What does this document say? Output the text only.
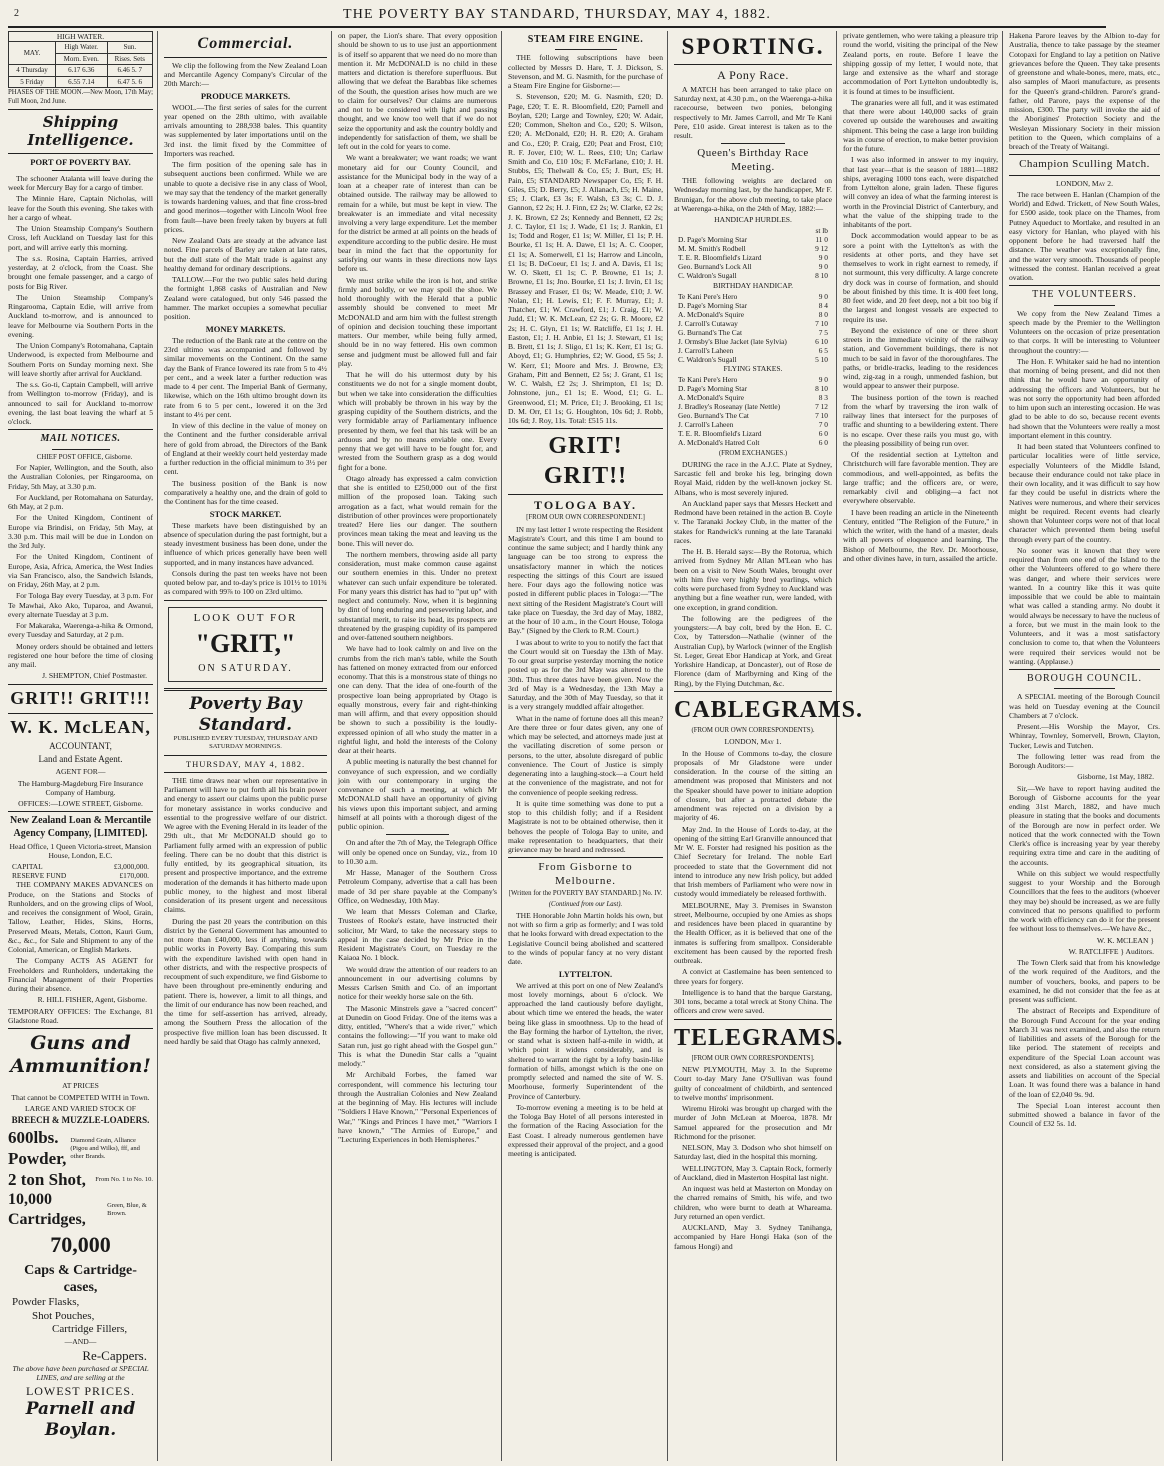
2	THE POVERTY BAY STANDARD, THURSDAY, MAY 4, 1882.
HIGH WATER.
MAY.	High Water.	Sun.
	Morn. Even.	Rises. Sets
4 Thursday	6.17 6.36	6.46 5. 7
5 Friday	6.55 7.14	6.47 5. 6

PHASES OF THE MOON.—New Moon, 17th May; Full Moon, 2nd June.

Shipping Intelligence.
PORT OF POVERTY BAY.

The schooner Atalanta will leave during the week for Mercury Bay for a cargo of timber.

The Minnie Hare, Captain Nicholas, will leave for the South this evening. She takes with her a cargo of wheat.

The Union Steamship Company's Southern Cross, left Auckland on Tuesday last for this port, and will arrive early this morning.

The s.s. Rosina, Captain Harries, arrived yesterday, at 2 o'clock, from the Coast. She brought one female passenger, and a cargo of posts for Big River.

The Union Steamship Company's Ringarooma, Captain Edie, will arrive from Auckland to-morrow, and is announced to leave for Melbourne via Southern Ports in the evening.

The Union Company's Rotomahana, Captain Underwood, is expected from Melbourne and Southern Ports on Sunday morning next. She will leave shortly after arrival for Auckland.

The s.s. Go-ti, Captain Campbell, will arrive from Wellington to-morrow (Friday), and is announced to sail for Auckland to-morrow evening, the last boat leaving the wharf at 5 o'clock.

MAIL NOTICES.

CHIEF POST OFFICE, Gisborne.

For Napier, Wellington, and the South, also the Australian Colonies, per Ringarooma, on Friday, 5th May, at 3.30 p.m.

For Auckland, per Rotomahana on Saturday, 6th May, at 2 p.m.

For the United Kingdom, Continent of Europe via Brindisi, on Friday, 5th May, at 3.30 p.m. This mail will be due in London on the 3rd July.

For the United Kingdom, Continent of Europe, Asia, Africa, America, the West Indies via San Francisco, also, the Sandwich Islands, on Friday, 26th May, at 2 p.m.

For Tologa Bay every Tuesday, at 3 p.m. For Te Mawhai, Ako Ako, Tuparoa, and Awanui, every alternate Tuesday at 3 p.m.

For Makaraka, Waerenga-a-hika & Ormond, every Tuesday and Saturday, at 2 p.m.

Money orders should be obtained and letters registered one hour before the time of closing any mail.

J. SHEMPTON, Chief Postmaster.

GRIT!! GRIT!!!
W. K. McLEAN,

ACCOUNTANT,

Land and Estate Agent.

AGENT FOR—

The Hamburg-Magdeburg Fire Insurance Company of Hamburg.

OFFICES:—LOWE STREET, Gisborne.

New Zealand Loan & Mercantile Agency Company, [LIMITED].

Head Office, 1 Queen Victoria-street, Mansion House, London, E.C.

CAPITAL	£3,000,000.
RESERVE FUND	£170,000.

THE COMPANY MAKES ADVANCES on Produce, on the Stations and Stocks of Runholders, and on the growing clips of Wool, and receives the consignment of Wool, Grain, Tallow, Leather, Hides, Skins, Horns, Preserved Meats, Metals, Cotton, Kauri Gum, &c., &c., for Sale and Shipment to any of the Colonial, American, or English Markets.

The Company ACTS AS AGENT for Freeholders and Runholders, undertaking the Financial Management of their Properties during their absence.

R. HILL FISHER, Agent, Gisborne.

TEMPORARY OFFICES: The Exchange, 81 Gladstone Road.

Guns and Ammunition!

AT PRICES

That cannot be COMPETED WITH in Town.

LARGE AND VARIED STOCK OF

BREECH & MUZZLE-LOADERS.

600lbs. Powder,
Diamond Grain, Alliance (Pigou and Wilks), fff, and other Brands.
2 ton Shot, From No. 1 to No. 10.
10,000 Cartridges,
Green, Blue, & Brown.
70,000
Caps & Cartridge-cases,
Powder Flasks,
Shot Pouches,
Cartridge Fillers,

—AND—

Re-Cappers.

The above have been purchased at SPECIAL LINES, and are selling at the

LOWEST PRICES.
Parnell and Boylan.
Commercial.

We clip the following from the New Zealand Loan and Mercantile Agency Company's Circular of the 20th March:—

PRODUCE MARKETS.

WOOL.—The first series of sales for the current year opened on the 28th ultimo, with available arrivals amounting to 288,938 bales. This quantity was supplemented by later importations until on the 3rd inst. the limit fixed by the Committee of Importers was reached.

The firm position of the opening sale has in subsequent auctions been confirmed. While we are unable to quote a decisive rise in any class of Wool, we may say that the tendency of the market generally is towards hardening values, and that fine cross-bred and good merinos—together with Lincoln Wool free from fault—have been freely taken by buyers at full prices.

New Zealand Oats are steady at the advance last noted. Fine parcels of Barley are taken at late rates, but the dull state of the Malt trade is against any healthy demand for ordinary descriptions.

TALLOW.—For the two public sales held during the fortnight 1,868 casks of Australian and New Zealand were catalogued, but only 546 passed the hammer. The market occupies a somewhat peculiar position.

MONEY MARKETS.

The reduction of the Bank rate at the centre on the 23rd ultimo was accompanied and followed by similar movements on the Continent. On the same day the Bank of France lowered its rate from 5 to 4½ per cent., and a week later a further reduction was made to 4 per cent. The Imperial Bank of Germany, likewise, which on the 16th ultimo brought down its rate from 6 to 5 per cent., lowered it on the 3rd instant to 4½ per cent.

In view of this decline in the value of money on the Continent and the further considerable arrival here of gold from abroad, the Directors of the Bank of England at their weekly court held yesterday made a further reduction in the official minimum to 3½ per cent.

The business position of the Bank is now comparatively a healthy one, and the drain of gold to the Continent has for the time ceased.

STOCK MARKET.

These markets have been distinguished by an absence of speculation during the past fortnight, but a steady investment business has been done, under the influence of which prices generally have been well supported, and in many instances have advanced.

Consols during the past ten weeks have not been quoted below par, and to-day's price is 101½ to 101¾ as compared with 99⅞ to 100 on 23rd ultimo.

LOOK OUT FOR

"GRIT,"

ON SATURDAY.

Poverty Bay Standard.

PUBLISHED EVERY TUESDAY, THURSDAY AND SATURDAY MORNINGS.

THURSDAY, MAY 4, 1882.

THE time draws near when our representative in Parliament will have to put forth all his brain power and energy to assert our claims upon the public purse for monetary assistance in works conducive and essential to the progressive welfare of our district. We agree with the Evening Herald in its leader of the 29th ult., that Mr McDONALD should go to Parliament fully armed with an expression of public feeling. There can be no doubt that this district is fully entitled, by its geographical situation, its present and prospective importance, and the extreme moderation of the demands it has hitherto made upon public money, to the highest and most liberal consideration of its present urgent and necessitous claims.

During the past 20 years the contribution on this district by the General Government has amounted to not more than £40,000, less if anything, towards public works in Poverty Bay. Comparing this sum with the expenditure lavished with open hand in other districts, and with the respective prospects of recoupment of such expenditure, we find Gisborne to have been throughout pre-eminently enduring and patient. There is, however, a limit to all things, and the limit of our endurance has now been reached, and the time for self-assertion has arrived, already, among the Southern Press the allocation of the prospective five million loan has been discussed. It need hardly be said that Otago has calmly annexed,

on paper, the Lion's share. That every opposition should be shown to us to use just an apportionment is of itself so apparent that we need do no more than mention it. Mr McDONALD is no child in these matters and dictation is therefore superfluous. But allowing that we defeat the Barabbas like schemes of the South, the question arises how much are we to claim for ourselves? Our claims are numerous and not to be considered with light and passing thought, and we know too well that if we do not seize the opportunity and ask the country boldly and independently for satisfaction of them, we shall be left out in the cold for years to come.

We want a breakwater; we want roads; we want monetary aid for our County Council, and assistance for the Municipal body in the way of a loan at a cheaper rate of interest than can be obtained outside. The railway may be allowed to remain for a while, but must be kept in view. The breakwater is an immediate and vital necessity involving a very large expenditure. Let the member for the district be armed at all points on the heads of expenditure according to the public desire. He must bear in mind the fact that the opportunity for satisfying our wants in these directions now lays before us.

We must strike while the iron is hot, and strike firmly and boldly, or we may spoil the shoe. We hold thoroughly with the Herald that a public assembly should be convened to meet Mr McDONALD and arm him with the fullest strength of opinion and decision touching these important matters. Our member, while being fully armed, should be in no way fettered. His own common sense and judgment must be allowed full and fair play.

That he will do his uttermost duty by his constituents we do not for a single moment doubt, but when we take into consideration the difficulties which will probably be thrown in his way by the grasping cupidity of the Southern districts, and the very formidable array of Parliamentary influence presented by them, we feel that his task will be an arduous and by no means enviable one. Every penny that we get will have to be fought for, and wrested from the Southern grasp as a dog would fight for a bone.

Otago already has expressed a calm conviction that she is entitled to £250,000 out of the first million of the proposed loan. Taking such arrogation as a fact, what would remain for the distribution of other provinces were proportionately treated? Here lies our danger. The southern provinces mean taking the meat and leaving us the bone. This will never do.

The northern members, throwing aside all party consideration, must make common cause against our southern enemies in this. Under no pretext whatever can such unfair expenditure be tolerated. For many years this district has had to "put up" with neglect and contumely. Now, when it is beginning by dint of long enduring and persevering labor, and substantial merit, to raise its head, its prospects are threatened by the grasping cupidity of its pampered and over-fattened southern neighbors.

We have had to look calmly on and live on the crumbs from the rich man's table, while the South has fattened on money extracted from our enforced economy. That this is a monstrous state of things no one can deny. That the idea of one-fourth of the prospective loan being appropriated by Otago is equally monstrous, every fair and right-thinking man will affirm, and that every opposition should be shown to such a possibility is the loudly-expressed opinion of all who study the matter in a rightful light, and hold the interests of the Colony dear at their hearts.

A public meeting is naturally the best channel for conveyance of such expression, and we cordially join with our contemporary in urging the convenance of such a meeting, at which Mr McDONALD shall have an opportunity of giving his views upon this important subject, and arming himself at all points with a thorough digest of the public opinion.

On and after the 7th of May, the Telegraph Office will only be opened once on Sunday, viz., from 10 to 10.30 a.m.

Mr Hasse, Manager of the Southern Cross Petroleum Company, advertise that a call has been made of 3d per share payable at the Company's Office, on Wednesday, 10th May.

We learn that Messrs Coleman and Clarke, Trustees of Rooke's estate, have instructed their solicitor, Mr Ward, to take the necessary steps to appeal in the case decided by Mr Price in the Resident Magistrate's Court, on Tuesday re the Kaiaoa No. 1 block.

We would draw the attention of our readers to an announcement in our advertising columns by Messrs Carlsen Smith and Co. of an important notice for their weekly horse sale on the 6th.

The Masonic Minstrels gave a "sacred concert" at Dunedin on Good Friday. One of the items was a ditty, entitled, "Where's that a wide river," which contains the following:—"If you want to make old Satan run, just go right ahead with the Gospel gun." This is what the Dunedin Star calls a "quaint melody."

Mr Archibald Forbes, the famed war correspondent, will commence his lecturing tour through the Australian Colonies and New Zealand at the beginning of May. His lectures will include "Soldiers I Have Known," "Personal Experiences of War," "Kings and Princes I have met," "Warriors I have known," "The Armies of Europe," and "Lecturing Experiences in both Hemispheres."

STEAM FIRE ENGINE.

THE following subscriptions have been collected by Messrs D. Hare, T. J. Dickson, S. Stevenson, and M. G. Nasmith, for the purchase of a Steam Fire Engine for Gisborne:—

S. Stevenson, £20; M. G. Nasmith, £20; D. Page, £20; T. E. R. Bloomfield, £20; Parnell and Boylan, £20; Large and Townley, £20; W. Adair, £20; Common, Shelton and Co., £20; S. Wilson, £20; A. McDonald, £20; H. R. £20; A. Graham and Co., £20; P. Craig, £20; Peat and Frost, £10; R. F. Jover, £10; W. L. Rees, £10; Un; Carlaw Smith and Co, £10 10s; F. McFarlane, £10; J. H. Stubbs, £5; Thelwall & Co, £5; J. Burt, £5; H. Pain, £5; STANDARD Newspaper Co, £5; F. H. Giles, £5; D. Berry, £5; J. Allanach, £5; H. Maine, £5; J. Clark, £3 3s; F. Walsh, £3 3s; C. D. J. Gannon, £2 2s; H. J. Finn, £2 2s; W. Clarke, £2 2s; J. K. Brown, £2 2s; Kennedy and Bennett, £2 2s; J. C. Taylor, £1 1s; J. Wade, £1 1s; J. Rankin, £1 1s; Todd and Roger, £1 1s; W. Miller, £1 1s; P. H. Bourke, £1 1s; H. A. Dawe, £1 1s; A. C. Cooper, £1 1s; A. Somerwell, £1 1s; Harrow and Lincoln, £1 1s; B. DeCoeur, £1 1s; J. and A. Davis, £1 1s; W. O. Skett, £1 1s; C. P. Browne, £1 1s; J. Browne, £1 1s; Jno. Bourke, £1 1s; J. Irvin, £1 1s; Brassey and Fraser, £1 0s; W. Meade, £10; J. W. Nolan, £1; H. Lewis, £1; F. F. Murray, £1; J. Thatcher, £1; W. Crawford, £1; J. Craig, £1; W. Judd, £1; W. K. McLean, £2 2s; G. R. Moore, £2 2s; H. C. Glyn, £1 1s; W. Ratcliffe, £1 1s; J. H. Easton, £1; J. H. Anbie, £1 1s; J. Stewart, £1 1s; B. Brett, £1 1s; J. Sligo, £1 1s; K. Kerr, £1 1s; G. Aboyd, £1; G. Humphries, £2; W. Good, £5 5s; J. W. Kerr, £1; Moore and Mrs. J. Browne, £3; Graham, Pitt and Bennett, £2 5s; J. Grant, £1 1s; W. C. Walsh, £2 2s; J. Shrimpton, £1 1s; D. Johnstone, jun., £1 1s; E. Wood, £1; G. L. Greenwood, £1; M. Price, £1; J. Brooking, £1 1s; D. M. Orr, £1 1s; G. Houghton, 10s 6d; J. Robb, 10s 6d; J. Roy, 11s. Total: £515 11s.

GRIT! GRIT!!
TOLOGA BAY.

[FROM OUR OWN CORRESPONDENT.]

IN my last letter I wrote respecting the Resident Magistrate's Court, and this time I am bound to continue the same subject; and I hardly think any language can be too strong to express the unsatisfactory manner in which the notices respecting the sittings of this Court are issued here. Four days ago the following notice was posted in different public places in Tologa:—"The next sitting of the Resident Magistrate's Court will take place on Tuesday, the 3rd day of May, 1882, at the hour of 10 a.m., in the Court House, Tologa Bay." (Signed by the Clerk to R.M. Court.)

I was about to write to you to notify the fact that the Court would sit on Tuesday the 13th of May. To our great surprise yesterday morning the notice posted up as for the 3rd May was altered to the 30th. Thus three dates have been given. Now the 3rd of May is a Wednesday, the 13th May a Saturday, and the 30th of May Tuesday, so that it is a very strangely muddled affair altogether.

What in the name of fortune does all this mean? Are there three or four dates given, any one of which may be selected, and attorneys made just at the vacillating discretion of some person or persons, to the utter, absolute disregard of public convenience. The Court of Justice is simply degenerating into a laughing-stock—a Court held at the convenience of the magistrate, and not for the convenience of people seeking redress.

It is quite time something was done to put a stop to this childish folly; and if a Resident Magistrate is not to be obtained otherwise, then it behoves the people of Tologa Bay to unite, and make representation to headquarters, that their grievance may be heard and redressed.

From Gisborne to Melbourne.

[Written for the POVERTY BAY STANDARD.] No. IV.

(Continued from our Last).

THE Honorable John Martin holds his own, but not with so firm a grip as formerly; and I was told that he looks forward with dread expectation to the Legislative Council being abolished and scattered to the winds of popular fancy at no very distant date.

LYTTELTON.

We arrived at this port on one of New Zealand's most lovely mornings, about 6 o'clock. We approached the land cautiously before daylight, about which time we entered the heads, the water being like glass in smoothness. Up to the head of the Bay forming the harbor of Lyttelton, the river, or stand what is sixteen half-a-mile in width, at which point it widens considerably, and is sheltered to warrant the right by a lofty basin-like formation of hills, amongst which is the one on promptly selected and named the site of W. S. Moorhouse, formerly Superintendent of the Province of Canterbury.

To-morrow evening a meeting is to be held at the Tologa Bay Hotel of all persons interested in the formation of the Racing Association for the East Coast. I already numerous gentlemen have expressed their approval of the project, and a good meeting is anticipated.

SPORTING.
A Pony Race.

A MATCH has been arranged to take place on Saturday next, at 4.30 p.m., on the Waerenga-a-hika racecourse, between two ponies, belonging respectively to Mr. James Carroll, and Mr Te Kani Pere, £10 aside. Great interest is taken as to the result.

Queen's Birthday Race Meeting.

THE following weights are declared on Wednesday morning last, by the handicapper, Mr F. Brunigan, for the above club meeting, to take place at Waerenga-a-hika, on the 24th of May, 1882:—

HANDICAP HURDLES.

st lb
D. Page's Morning Star	11 0
M. M. Smith's Rodbell	9 12
T. E. R. Bloomfield's Lizard	9 0
Geo. Burnand's Lock All	9 0
C. Waldron's Sugall	8 10

BIRTHDAY HANDICAP.

Te Kani Pere's Hero	9 0
D. Page's Morning Star	8 4
A. McDonald's Squire	8 0
J. Carroll's Cutaway	7 10
G. Burnand's The Cat	7 5
J. Ormsby's Blue Jacket (late Sylvia)	6 10
J. Carroll's Laheen	6 5
C. Waldron's Sugall	5 10

FLYING STAKES.

Te Kani Pere's Hero	9 0
D. Page's Morning Star	8 10
A. McDonald's Squire	8 3
J. Bradley's Roseanay (late Nettle)	7 12
Geo. Burnand's The Cat	7 10
J. Carroll's Laheen	7 0
T. E. R. Bloomfield's Lizard	6 0
A. McDonald's Hatred Colt	6 0

(FROM EXCHANGES.)

DURING the race in the A.J.C. Plate at Sydney, Sarcastic fell and broke his leg, bringing down Royal Maid, ridden by the well-known jockey St. Albans, who is most severely injured.

An Auckland paper says that Messrs Heckett and Redmond have been retained in the action B. Coyle v. The Taranaki Jockey Club, in the matter of the stakes for Randwick's running at the late Taranaki races.

The H. B. Herald says:—By the Rotorua, which arrived from Sydney Mr Allan M'Lean who has been on a visit to New South Wales, brought over with him five very highly bred yearlings, which colts were purchased from Sydney to Auckland was anything but a fine weather run, were landed, with one exception, in grand condition.

The following are the pedigrees of the youngsters:—A bay colt, bred by the Hon. E. C. Cox, by Tattersdon—Nathalie (winner of the Australian Cup), by Warlock (winner of the English St. Leger, Great Ebor Handicap at York, and Great Yorkshire Handicap, at Doncaster), out of Rose de Florence (dam of Marlbyrning and King of the Ring), by the Flying Dutchman, &c.

CABLEGRAMS.

(FROM OUR OWN CORRESPONDENTS).

LONDON, May 1.

In the House of Commons to-day, the closure proposals of Mr Gladstone were under consideration. In the course of the sitting an amendment was proposed that Ministers and not the Speaker should have power to initiate adoption of closure, but after a protracted debate the amendment was rejected on a division by a majority of 46.

May 2nd. In the House of Lords to-day, at the opening of the sitting Earl Granville announced that Mr W. E. Forster had resigned his position as the Chief Secretary for Ireland. The noble Earl proceeded to state that the Government did not intend to introduce any new Irish policy, but added that Irish members of Parliament who were now in custody would immediately be released forthwith.

MELBOURNE, May 3. Premises in Swanston street, Melbourne, occupied by one Amies as shops and residences have been placed in quarantine by the Health Officer, as it is believed that one of the inmates is suffering from smallpox. Considerable excitement has been caused by the reported fresh outbreak.

A convict at Castlemaine has been sentenced to three years for forgery.

Intelligence is to hand that the barque Garstang, 301 tons, became a total wreck at Stony China. The officers and crew were saved.

TELEGRAMS.

[FROM OUR OWN CORRESPONDENTS].

NEW PLYMOUTH, May 3. In the Supreme Court to-day Mary Jane O'Sullivan was found guilty of concealment of childbirth, and sentenced to twelve months' imprisonment.

Wiremu Hiroki was brought up charged with the murder of John McLean at Moeroa, 1878. Mr Samuel appeared for the prosecution and Mr Richmond for the prisoner.

NELSON, May 3. Dodson who shot himself on Saturday last, died in the hospital this morning.

WELLINGTON, May 3. Captain Rock, formerly of Auckland, died in Masterton Hospital last night.

An inquest was held at Masterton on Monday on the charred remains of Smith, his wife, and two children, who were burnt to death at Whareama. Jury returned an open verdict.

AUCKLAND, May 3. Sydney Tanihanga, accompanied by Hare Hongi Haka (son of the famous Hongi) and

private gentlemen, who were taking a pleasure trip round the world, visiting the principal of the New Zealand ports, en route. Before I leave the shipping gossip of my letter, I would note, that large and extensive as the wharf and storage accommodation of Port Lyttelton undoubtedly is, it is found at times to be insufficient.

The granaries were all full, and it was estimated that there were about 140,000 sacks of grain covered up outside the warehouses and awaiting shipment. This being the case a large iron building was in course of erection, to make better provision for the future.

I was also informed in answer to my inquiry, that last year—that is the season of 1881—1882 ships, averaging 1000 tons each, were dispatched from Lyttelton alone, grain laden. These figures will convey an idea of what the farming interest is worth in the Provincial District of Canterbury, and what the value of the shipping trade to the inhabitants of the port.

Dock accommodation would appear to be as sore a point with the Lyttelton's as with the residents at other ports, and they have set themselves to work in right earnest to remedy, if not surmount, this very difficulty. A large concrete dry dock was in course of formation, and should be about finished by this time. It is 400 feet long, 80 feet wide, and 20 feet deep, not a bit too big if the largest and longest vessels are expected to require its use.

Beyond the existence of one or three short streets in the immediate vicinity of the railway station, and Government buildings, there is not much to be said in favor of the thoroughfares. The paths, or bridle-tracks, leading to the residences wind, zig-zag in a rough, unmended fashion, but would appear to answer their purpose.

The business portion of the town is reached from the wharf by traversing the iron walk of railway lines that intersect for the purposes of traffic and shunting to a bewildering extent. There is no escape. Over these rails you must go, with the pleasing possibility of being run over.

Of the residential section at Lyttelton and Christchurch will fare favorable mention. They are commodious, and well-appointed, as befits the large traffic; and the officers are, or were, remarkably civil and obliging—a fact not everywhere observable.

I have been reading an article in the Nineteenth Century, entitled "The Religion of the Future," in which the writer, with the hand of a master, deals with all powers of eloquence and learning. The Bishop of Melbourne, the Rev. Dr. Moorhouse, and other divines have, in turn, assailed the article.

Hakena Parore leaves by the Albion to-day for Australia, thence to take passage by the steamer Cotopaxi for England to lay a petition on Native grievances before the Queen. They take presents of greenstone and whale-bones, mere, mats, etc., also samples of Maori manufacture, as presents for the Queen's grand-children. Parore's grand-father, old Parore, pays the expense of the mission, £300. The party will invoke the aid of the Aborigines' Protection Society and the Wesleyan Missionary Society in their mission petition to the Queen, which complains of a breach of the Treaty of Waitangi.

Champion Sculling Match.

LONDON, May 2.

The race between E. Hanlan (Champion of the World) and Edwd. Trickett, of New South Wales, for £500 aside, took place on the Thames, from Putney Aqueduct to Mortlake, and resulted in an easy victory for Hanlan, who played with his opponent before he had traversed half the distance. The weather was exceptionally fine, and the water very smooth. Thousands of people witnessed the contest. Hanlan received a great ovation.

THE VOLUNTEERS.

We copy from the New Zealand Times a speech made by the Premier to the Wellington Volunteers on the occasion of prize presentation to that corps. It will be interesting to Volunteer throughout the country:—

The Hon. F. Whitaker said he had no intention that morning of being present, and did not then think that he would have an opportunity of addressing the officers and Volunteers, but he was not sorry the opportunity had been afforded to him upon such an interesting occasion. He was glad to be able to do so, because recent events had shown that the Volunteers were really a most important element in this country.

It had been stated that Volunteers confined to particular localities were of little service, especially Volunteers of the Middle Island, because their endurance could not take place in their own locality, and it was difficult to say how far they could be useful in districts where the Natives were numerous, and where their services might be required. Recent events had clearly shown that Volunteer corps were not of that local character which prevented them being useful through every part of the country.

No sooner was it known that they were required than from one end of the Island to the other the Volunteers offered to go where there was danger, and where their services were wanted. In a country like this it was quite impossible that we could be able to maintain what was called a standing army. No doubt it would always be necessary to have the nucleus of a force, but we must in the main look to the Volunteers, and it was a most satisfactory conclusion to come to, that when the Volunteers were required their services would not be wanting. (Applause.)

BOROUGH COUNCIL.

A SPECIAL meeting of the Borough Council was held on Tuesday evening at the Council Chambers at 7 o'clock.

Present.—His Worship the Mayor, Crs. Whinray, Townley, Somervell, Brown, Clayton, Tucker, Lewis and Tutchen.

The following letter was read from the Borough Auditors:—

Gisborne, 1st May, 1882.

Sir,—We have to report having audited the Borough of Gisborne accounts for the year ending 31st March, 1882, and have much pleasure in stating that the books and documents of the Borough are now in perfect order. We noticed that the work connected with the Town Clerk's office is increasing year by year thereby requiring extra time and care in the auditing of the accounts.

While on this subject we would respectfully suggest to your Worship and the Borough Councillors that the fees to the auditors (whoever they may be) should be increased, as we are fully convinced that no persons qualified to perform the work with efficiency can do it for the present fee without loss to themselves.—We have &c.,

W. K. MCLEAN }

W. RATCLIFFE } Auditors.

The Town Clerk said that from his knowledge of the work required of the Auditors, and the number of vouchers, books, and papers to be examined, he did not consider that the fee as at present was sufficient.

The abstract of Receipts and Expenditure of the Borough Fund Account for the year ending March 31 was next examined, and also the return of liabilities and assets of the Borough for the like period. The statement of receipts and expenditure of the Special Loan account was next considered, as also a statement giving the assets and liabilities on account of the Special Loan. It was found there was a balance in hand of the loan of £2,040 9s. 9d.

The Special Loan interest account then submitted showed a balance in favor of the Council of £32 5s. 1d.
